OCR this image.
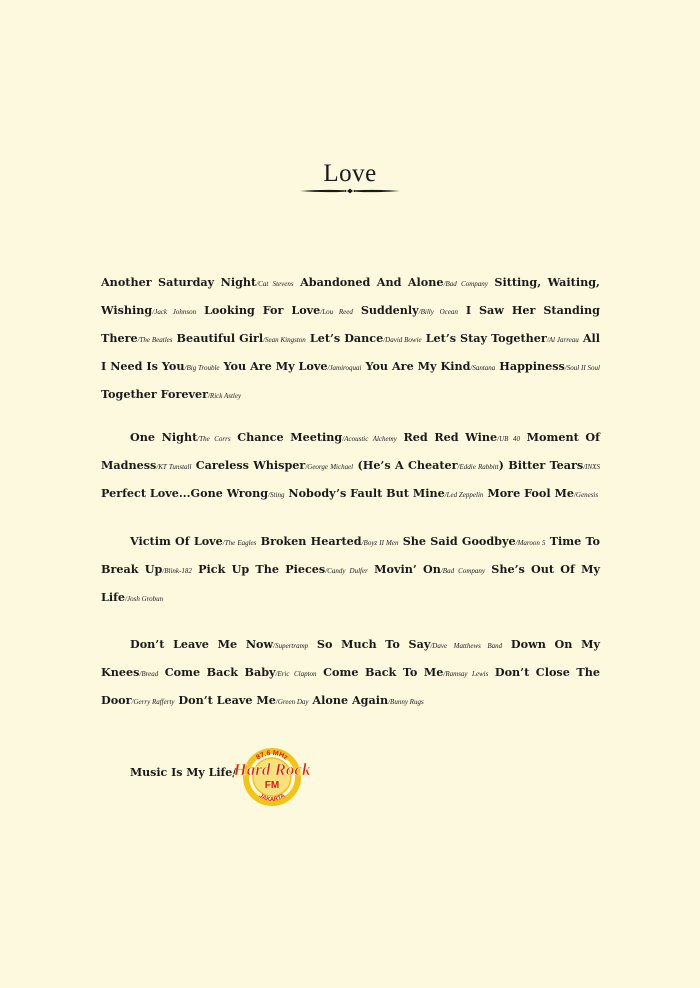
Love
Another Saturday Night/Cat Stevens Abandoned And Alone/Bad Company Sitting, Waiting, Wishing/Jack Johnson Looking For Love/Lou Reed Suddenly/Billy Ocean I Saw Her Standing There/The Beatles Beautiful Girl/Sean Kingston Let’s Dance/David Bowie Let’s Stay Together/Al Jarreau All I Need Is You/Big Trouble You Are My Love/Jamiroquai You Are My Kind/Santana Happiness/Soul II Soul Together Forever/Rick Astley
One Night/The Corrs Chance Meeting/Acoustic Alchemy Red Red Wine/UB 40 Moment Of Madness/KT Tunstall Careless Whisper/George Michael (He’s A Cheater/Eddie Rabbitt) Bitter Tears/INXS Perfect Love...Gone Wrong/Sting Nobody’s Fault But Mine/Led Zeppelin More Fool Me/Genesis
Victim Of Love/The Eagles Broken Hearted/Boyz II Men She Said Goodbye/Maroon 5 Time To Break Up/Blink-182 Pick Up The Pieces/Candy Dulfer Movin’ On/Bad Company She’s Out Of My Life/Josh Grobun
Don’t Leave Me Now/Supertramp So Much To Say/Dave Matthews Band Down On My Knees/Bread Come Back Baby/Eric Clapton Come Back To Me/Ramsay Lewis Don’t Close The Door/Gerry Rafferty Don’t Leave Me/Green Day Alone Again/Bunny Rugs
Music Is My Life/
87.6 MHz
Hard Rock
FM
JAKARTA
